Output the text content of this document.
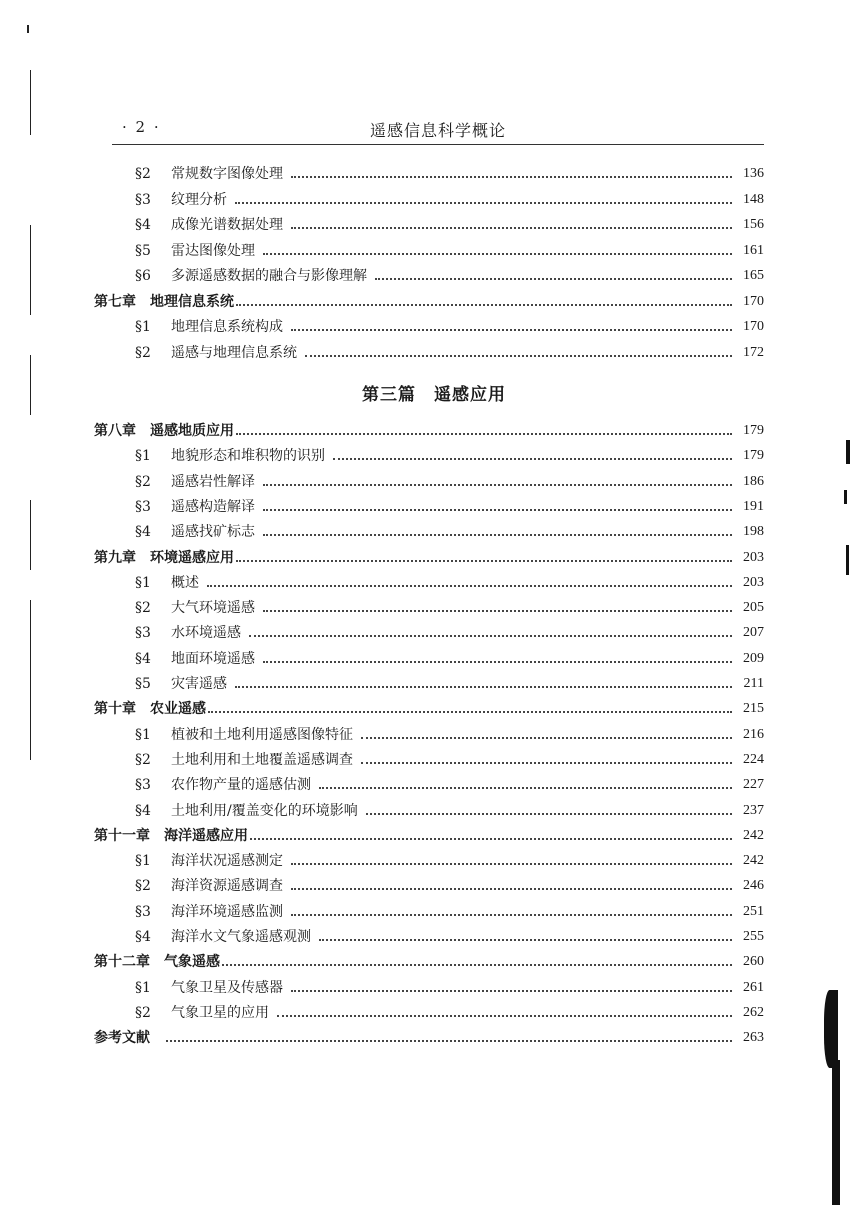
· 2 ·	遥感信息科学概论
§2	常规数字图像处理	136
§3	纹理分析	148
§4	成像光谱数据处理	156
§5	雷达图像处理	161
§6	多源遥感数据的融合与影像理解	165
第七章 地理信息系统	170
§1	地理信息系统构成	170
§2	遥感与地理信息系统	172
第三篇　遥感应用
第八章 遥感地质应用	179
§1	地貌形态和堆积物的识别	179
§2	遥感岩性解译	186
§3	遥感构造解译	191
§4	遥感找矿标志	198
第九章 环境遥感应用	203
§1	概述	203
§2	大气环境遥感	205
§3	水环境遥感	207
§4	地面环境遥感	209
§5	灾害遥感	211
第十章 农业遥感	215
§1	植被和土地利用遥感图像特征	216
§2	土地利用和土地覆盖遥感调查	224
§3	农作物产量的遥感估测	227
§4	土地利用/覆盖变化的环境影响	237
第十一章 海洋遥感应用	242
§1	海洋状况遥感测定	242
§2	海洋资源遥感调查	246
§3	海洋环境遥感监测	251
§4	海洋水文气象遥感观测	255
第十二章 气象遥感	260
§1	气象卫星及传感器	261
§2	气象卫星的应用	262
参考文献	263
